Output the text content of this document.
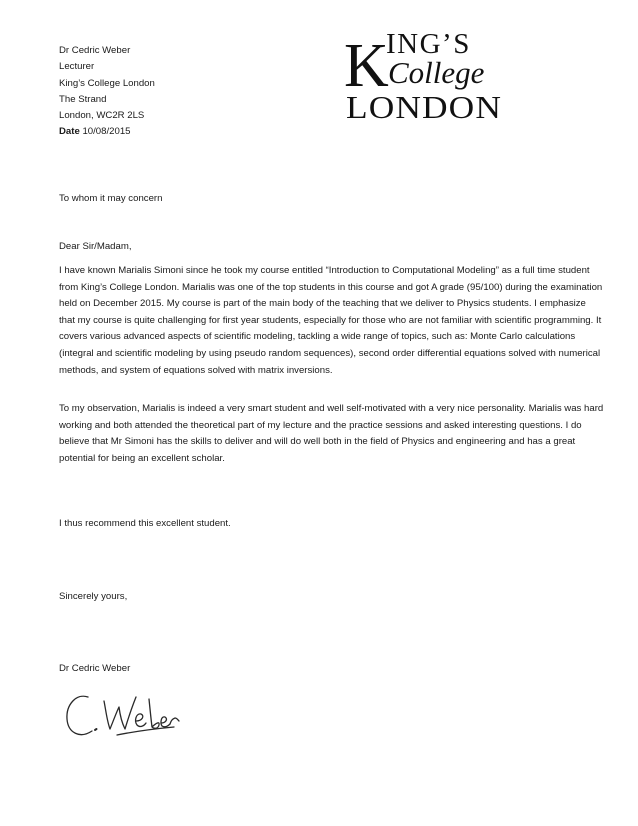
Dr Cedric Weber
Lecturer
King’s College London
The Strand
London, WC2R 2LS
Date 10/08/2015
K
ING’S
College
LONDON
To whom it may concern
Dear Sir/Madam,
I have known Marialis Simoni since he took my course entitled “Introduction to Computational Modeling” as a full time student
from King’s College London. Marialis was one of the top students in this course and got A grade (95/100) during the examination
held on December 2015. My course is part of the main body of the teaching that we deliver to Physics students. I emphasize
that my course is quite challenging for first year students, especially for those who are not familiar with scientific programming. It
covers various advanced aspects of scientific modeling, tackling a wide range of topics, such as: Monte Carlo calculations
(integral and scientific modeling by using pseudo random sequences), second order differential equations solved with numerical
methods, and system of equations solved with matrix inversions.
To my observation, Marialis is indeed a very smart student and well self-motivated with a very nice personality. Marialis was hard
working and both attended the theoretical part of my lecture and the practice sessions and asked interesting questions. I do
believe that Mr Simoni has the skills to deliver and will do well both in the field of Physics and engineering and has a great
potential for being an excellent scholar.
I thus recommend this excellent student.
Sincerely yours,
Dr Cedric Weber
